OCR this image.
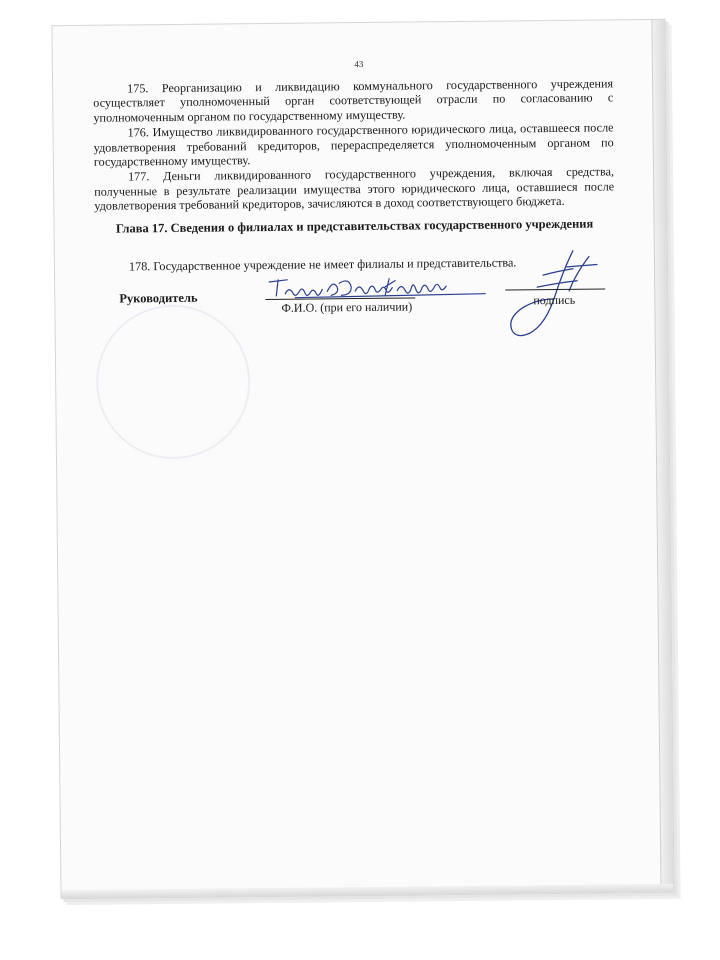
43

175. Реорганизацию и ликвидацию коммунального государственного учреждения осуществляет уполномоченный орган соответствующей отрасли по согласованию с уполномоченным органом по государственному имуществу.

176. Имущество ликвидированного государственного юридического лица, оставшееся после удовлетворения требований кредиторов, перераспределяется уполномоченным органом по государственному имуществу.

177. Деньги ликвидированного государственного учреждения, включая средства, полученные в результате реализации имущества этого юридического лица, оставшиеся после удовлетворения требований кредиторов, зачисляются в доход соответствующего бюджета.

Глава 17. Сведения о филиалах и представительствах государственного учреждения
178. Государственное учреждение не имеет филиалы и представительства.
Руководитель
Ф.И.О. (при его наличии)	подпись
